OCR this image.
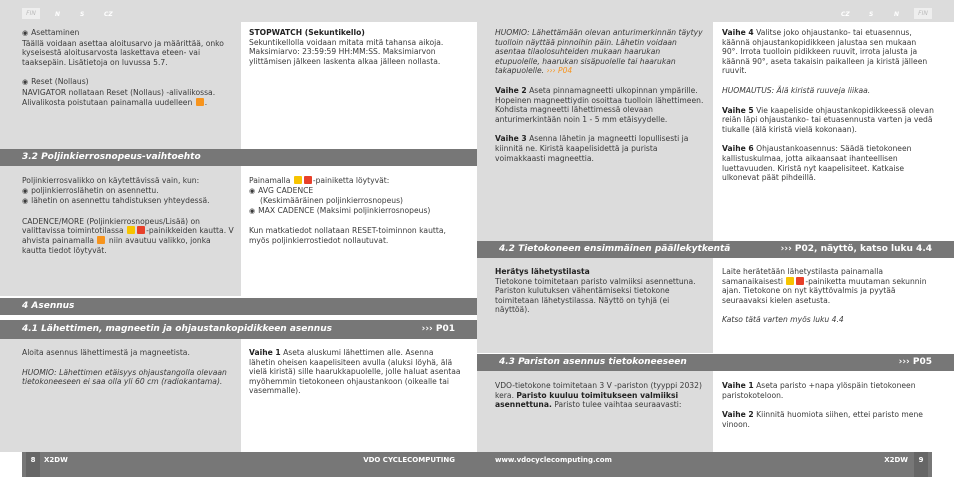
FIN	N	S	CZ	CZ	S	N	FIN
◉ Asettaminen
Täällä voidaan asettaa aloitusarvo ja määrittää, onko kyseisestä aloitusarvosta laskettava eteen- vai taaksepäin. Lisätietoja on luvussa 5.7.
◉ Reset (Nollaus)
NAVIGATOR nollataan Reset (Nollaus) -alivalikossa. Alivalikosta poistutaan painamalla uudelleen .
STOPWATCH (Sekuntikello)
Sekuntikellolla voidaan mitata mitä tahansa aikoja. Maksimiarvo: 23:59:59 HH:MM:SS. Maksimiarvon ylittämisen jälkeen laskenta alkaa jälleen nollasta.
3.2 Poljinkierrosnopeus-vaihtoehto
Poljinkierrosvalikko on käytettävissä vain, kun:
◉ poljinkierroslähetin on asennettu.
◉ lähetin on asennettu tahdistuksen yhteydessä.
CADENCE/MORE (Poljinkierrosnopeus/Lisää) on valittavissa toimintotilassa	-painikkeiden kautta. V ahvista painamalla niin avautuu valikko, jonka kautta tiedot löytyvät.
Painamalla	-painiketta löytyvät:
◉ AVG CADENCE
(Keskimääräinen poljinkierrosnopeus)
◉ MAX CADENCE (Maksimi poljinkierrosnopeus)
Kun matkatiedot nollataan RESET-toiminnon kautta, myös poljinkierrostiedot nollautuvat.
4 Asennus
4.1 Lähettimen, magneetin ja ohjaustankopidikkeen asennus	››› P01
Aloita asennus lähettimestä ja magneetista.
HUOMIO: Lähettimen etäisyys ohjaustangolla olevaan tietokoneeseen ei saa olla yli 60 cm (radiokantama).
Vaihe 1 Aseta aluskumi lähettimen alle. Asenna lähetin oheisen kaapelisiteen avulla (aluksi löyhä, älä vielä kiristä) sille haarukkapuolelle, jolle haluat asentaa myöhemmin tietokoneen ohjaustankoon (oikealle tai vasemmalle).
HUOMIO: Lähettämään olevan anturimerkinnän täytyy tuolloin näyttää pinnoihin päin. Lähetin voidaan asentaa tilaolosuhteiden mukaan haarukan etupuolelle, haarukan sisäpuolelle tai haarukan takapuolelle. ››› P04
Vaihe 2 Aseta pinnamagneetti ulkopinnan ympärille. Hopeinen magneettiydin osoittaa tuolloin lähettimeen. Kohdista magneetti lähettimessä olevaan anturimerkintään noin 1 - 5 mm etäisyydelle.
Vaihe 3 Asenna lähetin ja magneetti lopullisesti ja kiinnitä ne. Kiristä kaapelisidettä ja purista voimakkaasti magneettia.
Vaihe 4 Valitse joko ohjaustanko- tai etuasennus, käännä ohjaustankopidikkeen jalustaa sen mukaan 90°. Irrota tuolloin pidikkeen ruuvit, irrota jalusta ja käännä 90°, aseta takaisin paikalleen ja kiristä jälleen ruuvit.
HUOMAUTUS: Älä kiristä ruuveja liikaa.
Vaihe 5 Vie kaapeliside ohjaustankopidikkeessä olevan reiän läpi ohjaustanko- tai etuasennusta varten ja vedä tiukalle (älä kiristä vielä kokonaan).
Vaihe 6 Ohjaustankoasennus: Säädä tietokoneen kallistuskulmaa, jotta aikaansaat ihanteellisen luettavuuden. Kiristä nyt kaapelisiteet. Katkaise ulkonevat päät pihdeillä.
4.2 Tietokoneen ensimmäinen päällekytkentä	››› P02, näyttö, katso luku 4.4
Herätys lähetystilasta
Tietokone toimitetaan paristo valmiiksi asennettuna. Pariston kulutuksen vähentämiseksi tietokone toimitetaan lähetystilassa. Näyttö on tyhjä (ei näyttöä).
Laite herätetään lähetystilasta painamalla samanaikaisesti	-painiketta muutaman sekunnin ajan. Tietokone on nyt käyttövalmis ja pyytää seuraavaksi kielen asetusta.
Katso tätä varten myös luku 4.4
4.3 Pariston asennus tietokoneeseen	››› P05
VDO-tietokone toimitetaan 3 V -pariston (tyyppi 2032) kera. Paristo kuuluu toimitukseen valmiiksi asennettuna. Paristo tulee vaihtaa seuraavasti:
Vaihe 1 Aseta paristo +napa ylöspäin tietokoneen paristokoteloon.
Vaihe 2 Kiinnitä huomiota siihen, ettei paristo mene vinoon.
X2DW	VDO CYCLECOMPUTING
8	www.vdocyclecomputing.com	X2DW	9
